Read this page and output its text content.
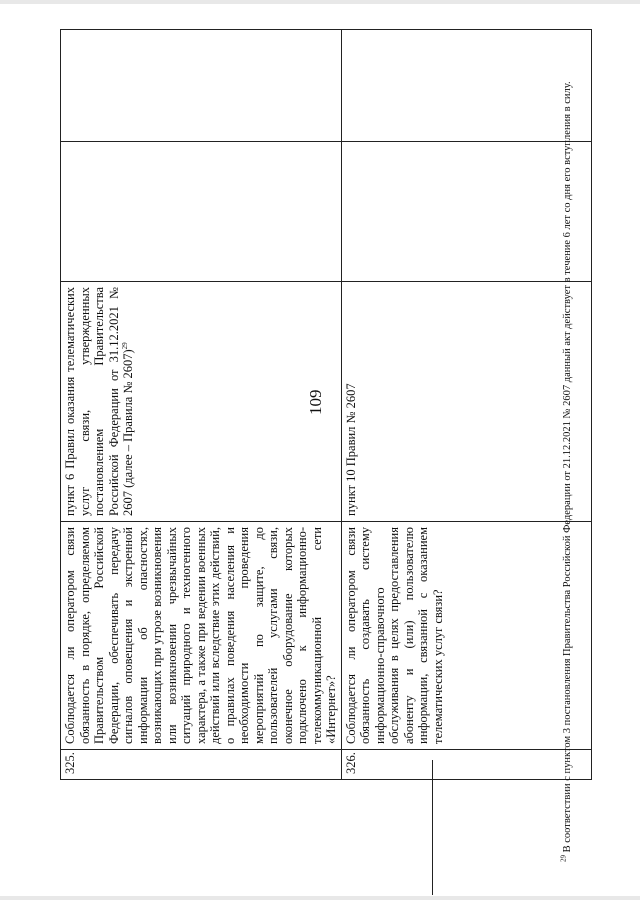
109
325.	Соблюдается ли оператором связи обязанность в порядке, определяемом Правительством Российской Федерации, обеспечивать передачу сигналов оповещения и экстренной информации об опасностях, возникающих при угрозе возникновения или возникновении чрезвычайных ситуаций природного и техногенного характера, а также при ведении военных действий или вследствие этих действий, о правилах поведения населения и необходимости проведения мероприятий по защите, до пользователей услугами связи, оконечное оборудование которых подключено к информационно-телекоммуникационной сети «Интернет»?	пункт 6 Правил оказания телематических услуг связи, утвержденных постановлением Правительства Российской Федерации от 31.12.2021 № 2607 (далее – Правила № 2607)$^{29}$		
326.	Соблюдается ли оператором связи обязанность создавать систему информационно-справочного обслуживания в целях предоставления абоненту и (или) пользователю информации, связанной с оказанием телематических услуг связи?	пункт 10 Правил № 2607		
$^{29}$ В соответствии с пунктом 3 постановления Правительства Российской Федерации от 21.12.2021 № 2607 данный акт действует в течение 6 лет со дня его вступления в силу.
